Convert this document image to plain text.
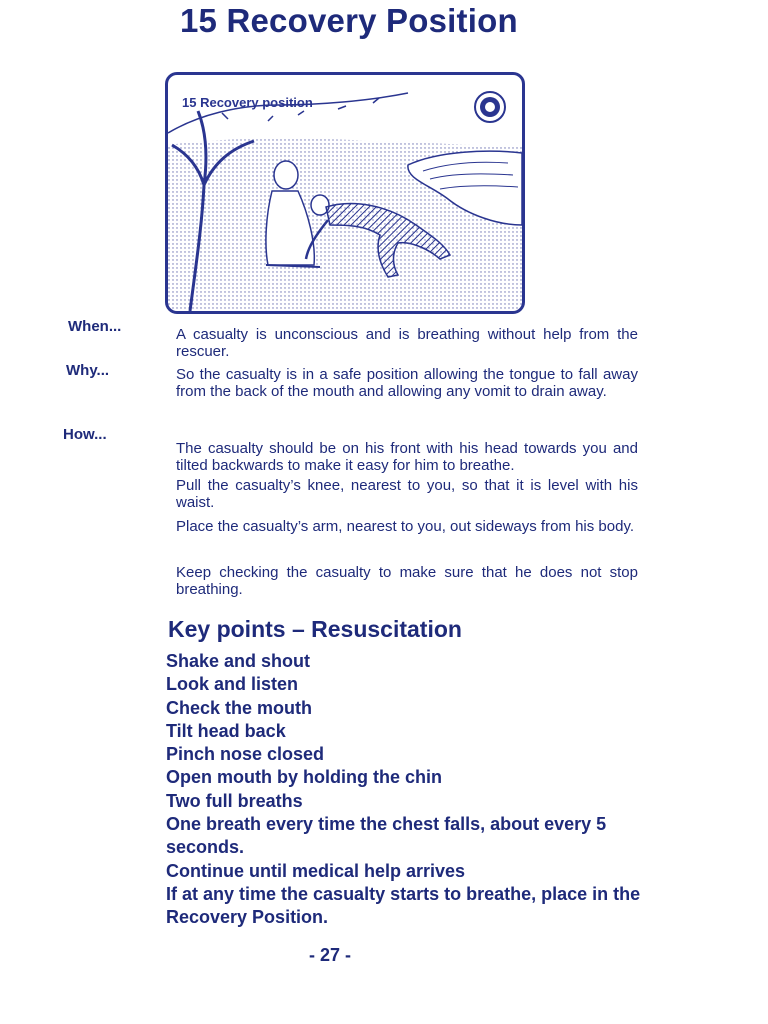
15 Recovery Position
15 Recovery position
When...	A casualty is unconscious and is breathing without help from the rescuer.
Why...	So the casualty is in a safe position allowing the tongue to fall away from the back of the mouth and allowing any vomit to drain away.
How...
The casualty should be on his front with his head towards you and tilted backwards to make it easy for him to breathe.
Pull the casualty’s knee, nearest to you, so that it is level with his waist.
Place the casualty’s arm, nearest to you, out sideways from his body.
Keep checking the casualty to make sure that he does not stop breathing.
Key points – Resuscitation
Shake and shout
Look and listen
Check the mouth
Tilt head back
Pinch nose closed
Open mouth by holding the chin
Two full breaths
One breath every time the chest falls, about every 5 seconds.
Continue until medical help arrives
If at any time the casualty starts to breathe, place in the Recovery Position.
- 27 -
